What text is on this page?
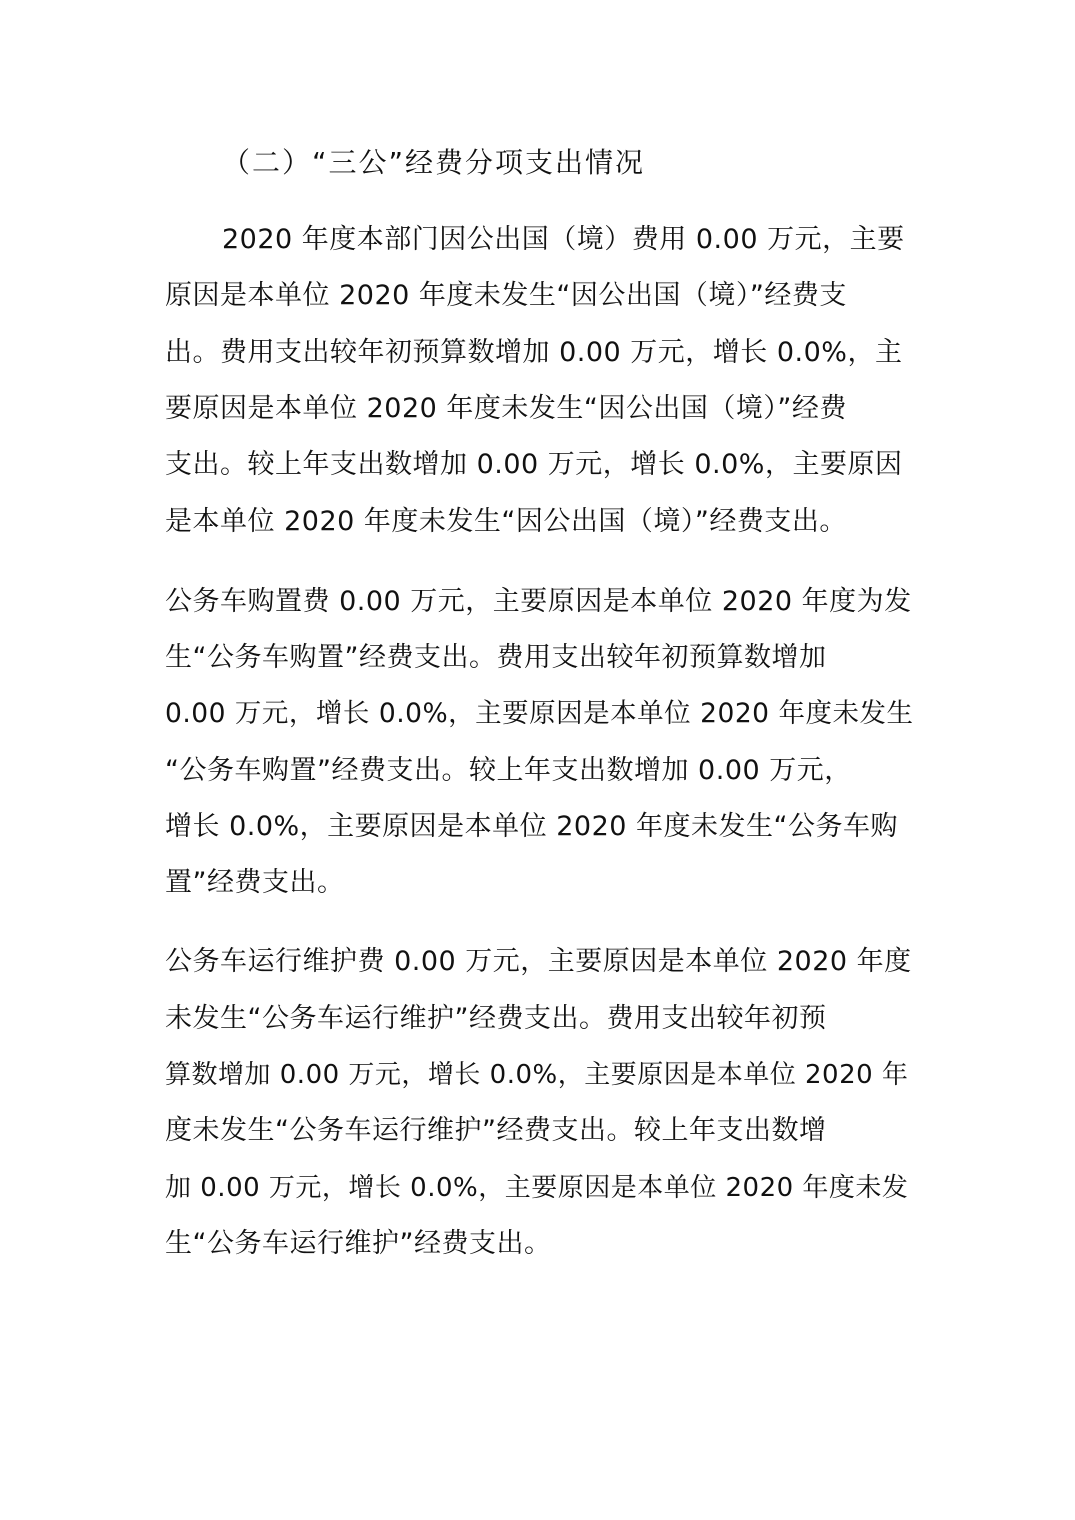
（二）“三公”经费分项支出情况
2020 年度本部门因公出国（境）费用 0.00 万元，主要
原因是本单位 2020 年度未发生“因公出国（境）”经费支
出。费用支出较年初预算数增加 0.00 万元，增长 0.0%，主
要原因是本单位 2020 年度未发生“因公出国（境）”经费
支出。较上年支出数增加 0.00 万元，增长 0.0%，主要原因
是本单位 2020 年度未发生“因公出国（境）”经费支出。
公务车购置费 0.00 万元，主要原因是本单位 2020 年度为发
生“公务车购置”经费支出。费用支出较年初预算数增加
0.00 万元，增长 0.0%，主要原因是本单位 2020 年度未发生
“公务车购置”经费支出。较上年支出数增加 0.00 万元，
增长 0.0%，主要原因是本单位 2020 年度未发生“公务车购
置”经费支出。
公务车运行维护费 0.00 万元，主要原因是本单位 2020 年度
未发生“公务车运行维护”经费支出。费用支出较年初预
算数增加 0.00 万元，增长 0.0%，主要原因是本单位 2020 年
度未发生“公务车运行维护”经费支出。较上年支出数增
加 0.00 万元，增长 0.0%，主要原因是本单位 2020 年度未发
生“公务车运行维护”经费支出。
